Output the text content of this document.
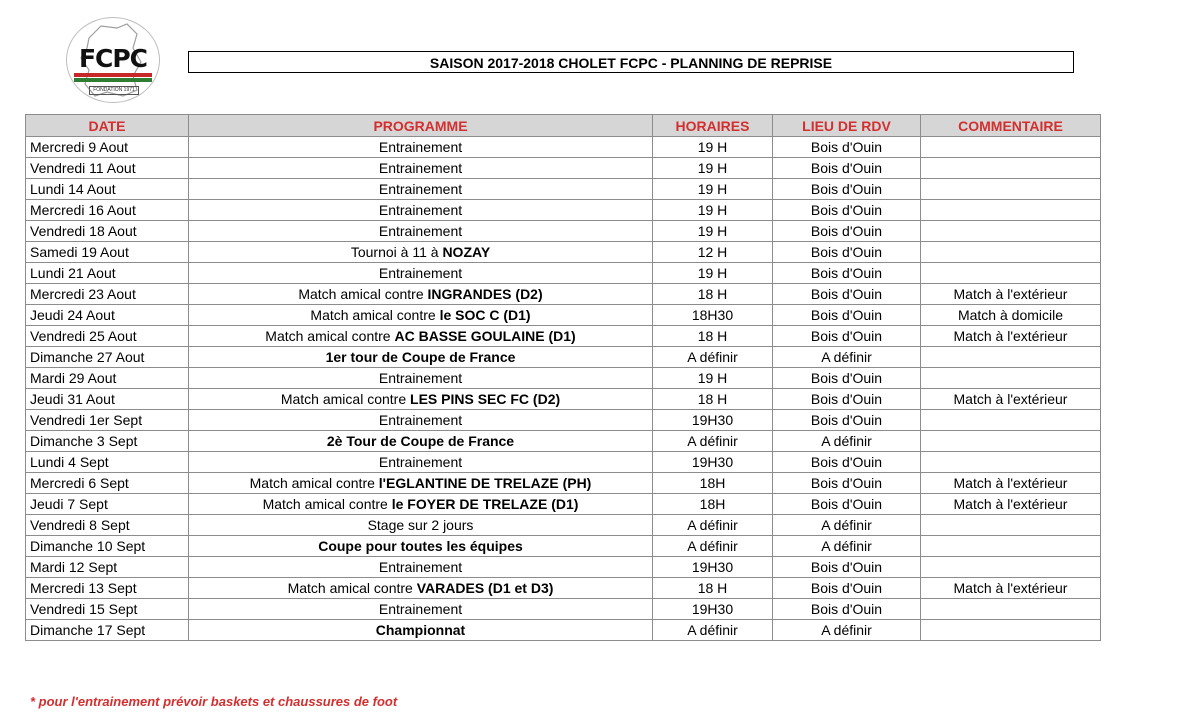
FCPC
FONDATION 1971
SAISON 2017-2018 CHOLET FCPC - PLANNING DE REPRISE
DATE	PROGRAMME	HORAIRES	LIEU DE RDV	COMMENTAIRE
Mercredi 9 Aout	Entrainement	19 H	Bois d'Ouin	
Vendredi 11 Aout	Entrainement	19 H	Bois d'Ouin	
Lundi 14 Aout	Entrainement	19 H	Bois d'Ouin	
Mercredi 16 Aout	Entrainement	19 H	Bois d'Ouin	
Vendredi 18 Aout	Entrainement	19 H	Bois d'Ouin	
Samedi 19 Aout	Tournoi à 11 à NOZAY	12 H	Bois d'Ouin	
Lundi 21 Aout	Entrainement	19 H	Bois d'Ouin	
Mercredi 23 Aout	Match amical contre INGRANDES (D2)	18 H	Bois d'Ouin	Match à l'extérieur
Jeudi 24 Aout	Match amical contre le SOC C (D1)	18H30	Bois d'Ouin	Match à domicile
Vendredi 25 Aout	Match amical contre AC BASSE GOULAINE (D1)	18 H	Bois d'Ouin	Match à l'extérieur
Dimanche 27 Aout	1er tour de Coupe de France	A définir	A définir	
Mardi 29 Aout	Entrainement	19 H	Bois d'Ouin	
Jeudi 31 Aout	Match amical contre LES PINS SEC FC (D2)	18 H	Bois d'Ouin	Match à l'extérieur
Vendredi 1er Sept	Entrainement	19H30	Bois d'Ouin	
Dimanche 3 Sept	2è Tour de Coupe de France	A définir	A définir	
Lundi 4 Sept	Entrainement	19H30	Bois d'Ouin	
Mercredi 6 Sept	Match amical contre l'EGLANTINE DE TRELAZE (PH)	18H	Bois d'Ouin	Match à l'extérieur
Jeudi 7 Sept	Match amical contre le FOYER DE TRELAZE (D1)	18H	Bois d'Ouin	Match à l'extérieur
Vendredi 8 Sept	Stage sur 2 jours	A définir	A définir	
Dimanche 10 Sept	Coupe pour toutes les équipes	A définir	A définir	
Mardi 12 Sept	Entrainement	19H30	Bois d'Ouin	
Mercredi 13 Sept	Match amical contre VARADES (D1 et D3)	18 H	Bois d'Ouin	Match à l'extérieur
Vendredi 15 Sept	Entrainement	19H30	Bois d'Ouin	
Dimanche 17 Sept	Championnat	A définir	A définir	
* pour l'entrainement prévoir baskets et chaussures de foot
